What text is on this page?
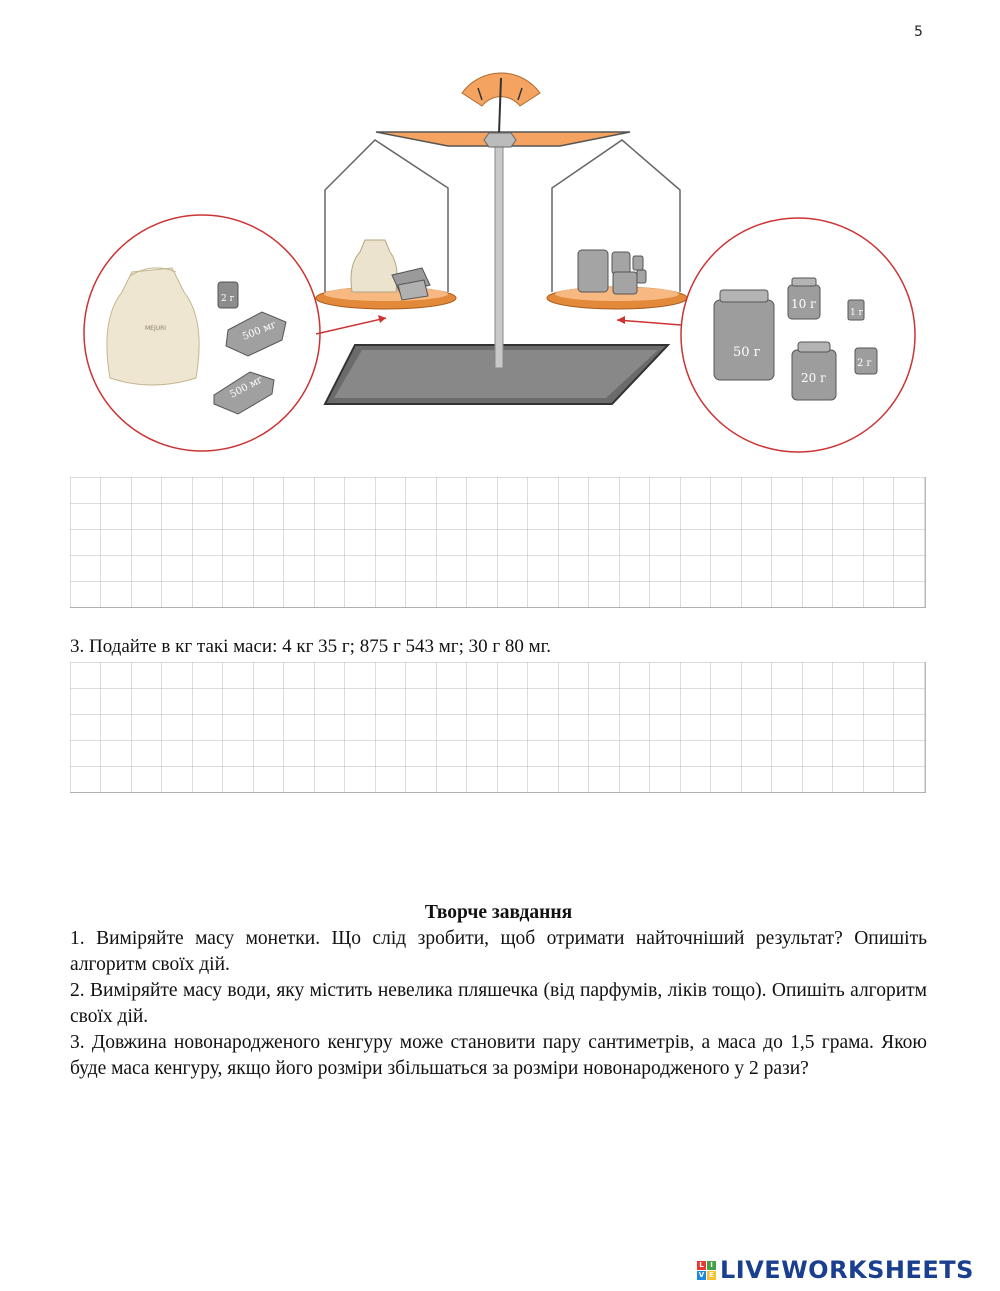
5
MEJURI
2 г
500 мг
500 мг
50 г
10 г
1 г
20 г
2 г
3. Подайте в кг такі маси: 4 кг 35 г; 875 г 543 мг; 30 г 80 мг.
Творче завдання

1. Виміряйте масу монетки. Що слід зробити, щоб отримати найточніший результат? Опишіть алгоритм своїх дій.

2. Виміряйте масу води, яку містить невелика пляшечка (від парфумів, ліків тощо). Опишіть алгоритм своїх дій.

3. Довжина новонародженого кенгуру може становити пару сантиметрів, а маса до 1,5 грама. Якою буде маса кенгуру, якщо його розміри збільшаться за розміри новонародженого у 2 рази?

L I
V E LIVEWORKSHEETS
